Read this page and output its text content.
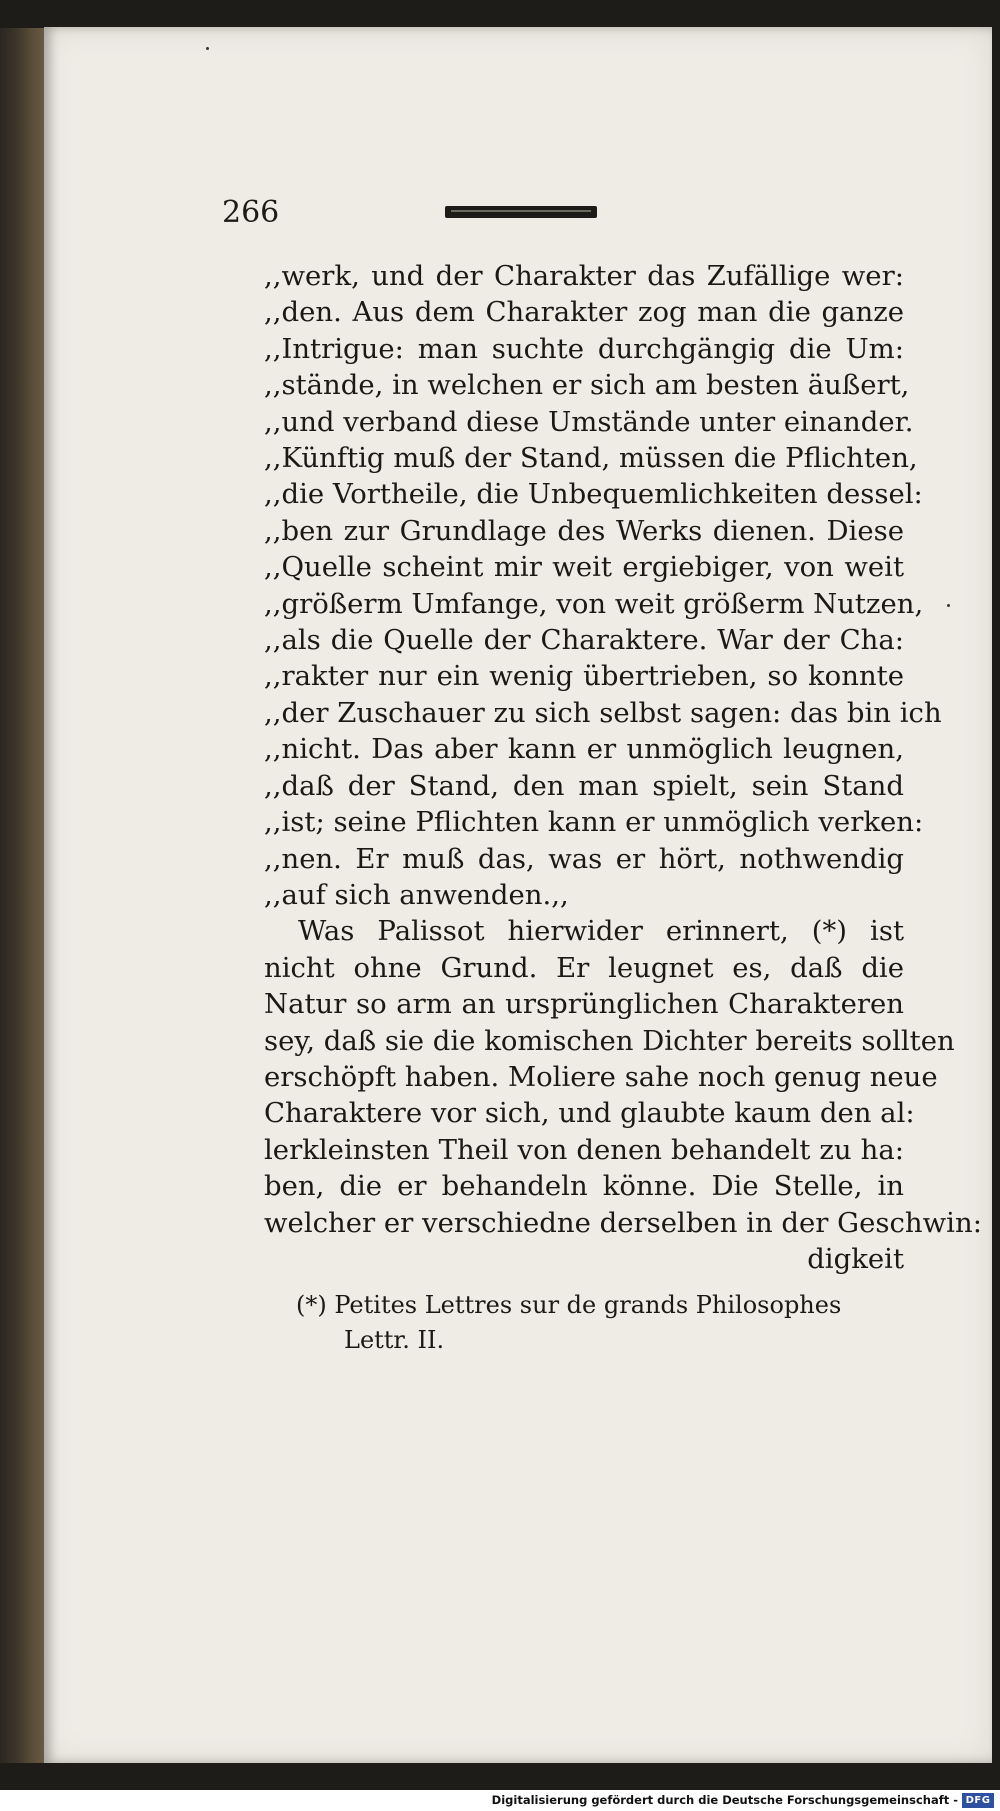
266
,,werk, und der Charakter das Zufällige wer:
,,den. Aus dem Charakter zog man die ganze
,,Intrigue: man suchte durchgängig die Um:
,,stände, in welchen er sich am besten äußert,
,,und verband diese Umstände unter einander.
,,Künftig muß der Stand, müssen die Pflichten,
,,die Vortheile, die Unbequemlichkeiten dessel:
,,ben zur Grundlage des Werks dienen. Diese
,,Quelle scheint mir weit ergiebiger, von weit
,,größerm Umfange, von weit größerm Nutzen,
,,als die Quelle der Charaktere. War der Cha:
,,rakter nur ein wenig übertrieben, so konnte
,,der Zuschauer zu sich selbst sagen: das bin ich
,,nicht. Das aber kann er unmöglich leugnen,
,,daß der Stand, den man spielt, sein Stand
,,ist; seine Pflichten kann er unmöglich verken:
,,nen. Er muß das, was er hört, nothwendig
,,auf sich anwenden.,,
Was Palissot hierwider erinnert, (*) ist
nicht ohne Grund. Er leugnet es, daß die
Natur so arm an ursprünglichen Charakteren
sey, daß sie die komischen Dichter bereits sollten
erschöpft haben. Moliere sahe noch genug neue
Charaktere vor sich, und glaubte kaum den al:
lerkleinsten Theil von denen behandelt zu ha:
ben, die er behandeln könne. Die Stelle, in
welcher er verschiedne derselben in der Geschwin:
digkeit
(*) Petites Lettres sur de grands Philosophes
Lettr. II.
Digitalisierung gefördert durch die Deutsche Forschungsgemeinschaft - DFG
